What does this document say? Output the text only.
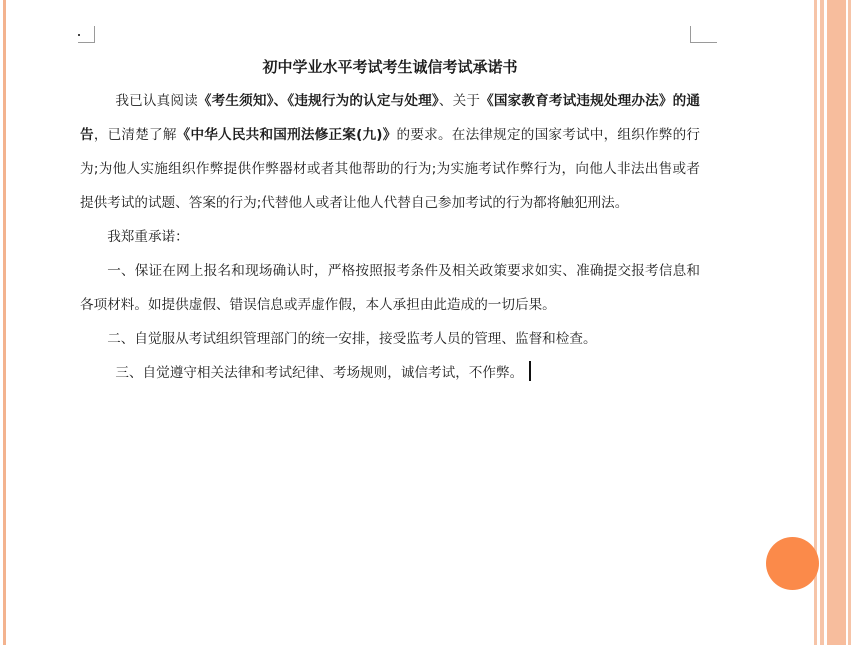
初中学业水平考试考生诚信考试承诺书

我已认真阅读《考生须知》、《违规行为的认定与处理》、关于《国家教育考试违规处理办法》的通告，已清楚了解《中华人民共和国刑法修正案(九)》的要求。在法律规定的国家考试中，组织作弊的行为;为他人实施组织作弊提供作弊器材或者其他帮助的行为;为实施考试作弊行为，向他人非法出售或者提供考试的试题、答案的行为;代替他人或者让他人代替自己参加考试的行为都将触犯刑法。

我郑重承诺：

一、保证在网上报名和现场确认时，严格按照报考条件及相关政策要求如实、准确提交报考信息和各项材料。如提供虚假、错误信息或弄虚作假，本人承担由此造成的一切后果。

二、自觉服从考试组织管理部门的统一安排，接受监考人员的管理、监督和检查。

三、自觉遵守相关法律和考试纪律、考场规则，诚信考试，不作弊。
